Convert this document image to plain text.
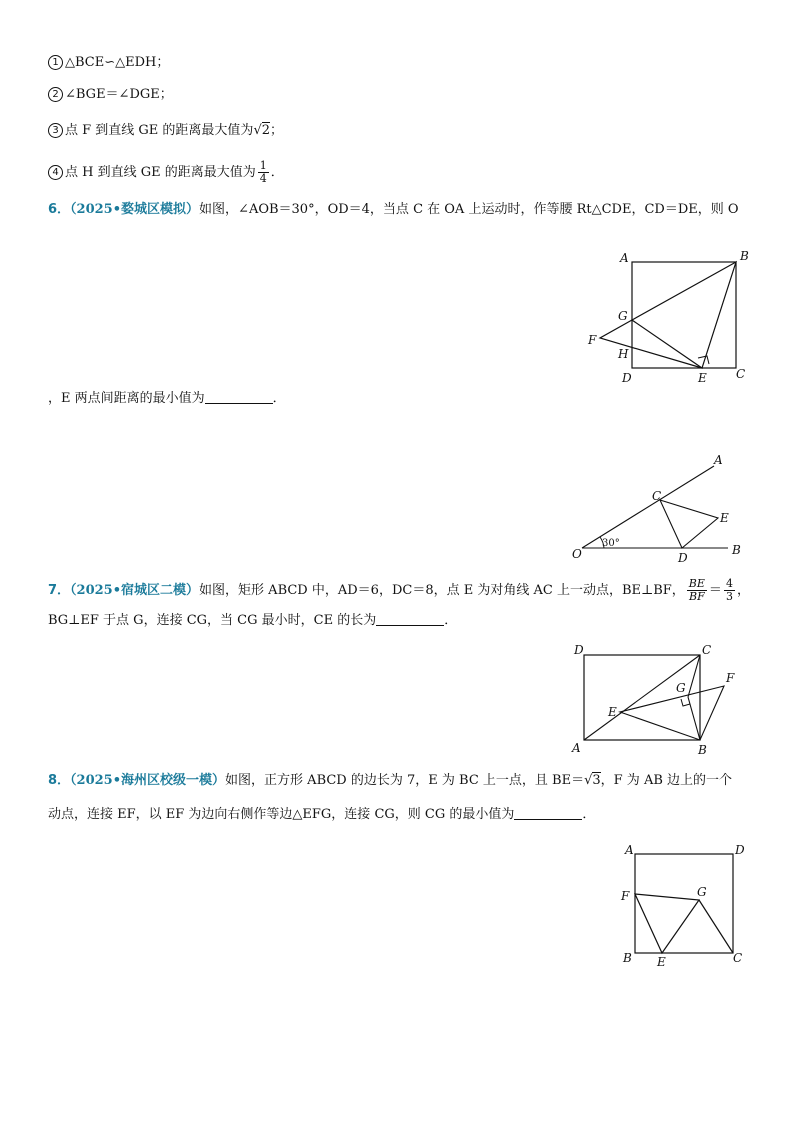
1 △BCE∽△EDH；
2 ∠BGE＝∠DGE；
3 点 F 到直线 GE 的距离最大值为√2；
4 点 H 到直线 GE 的距离最大值为 $\frac{1}{4}$ ．
6．（2025•婺城区模拟）如图，∠AOB＝30°，OD＝4，当点 C 在 OA 上运动时，作等腰 Rt△CDE，CD＝DE，则 O
A	B
C
D	E
F
G
H
，E 两点间距离的最小值为	．
30°
O
A
B
C
D
E
7．（2025•宿城区二模）如图，矩形 ABCD 中，AD＝6，DC＝8，点 E 为对角线 AC 上一动点，BE⊥BF， $\frac{BE}{BF} = \frac{4}{3}$ ，
BG⊥EF 于点 G，连接 CG，当 CG 最小时，CE 的长为	．
D	C
A	B
E
F
G
8．（2025•海州区校级一模）如图，正方形 ABCD 的边长为 7，E 为 BC 上一点，且 BE＝√3，F 为 AB 边上的一个
动点，连接 EF，以 EF 为边向右侧作等边△EFG，连接 CG，则 CG 的最小值为	．
A	D
B	C
E
F	G
